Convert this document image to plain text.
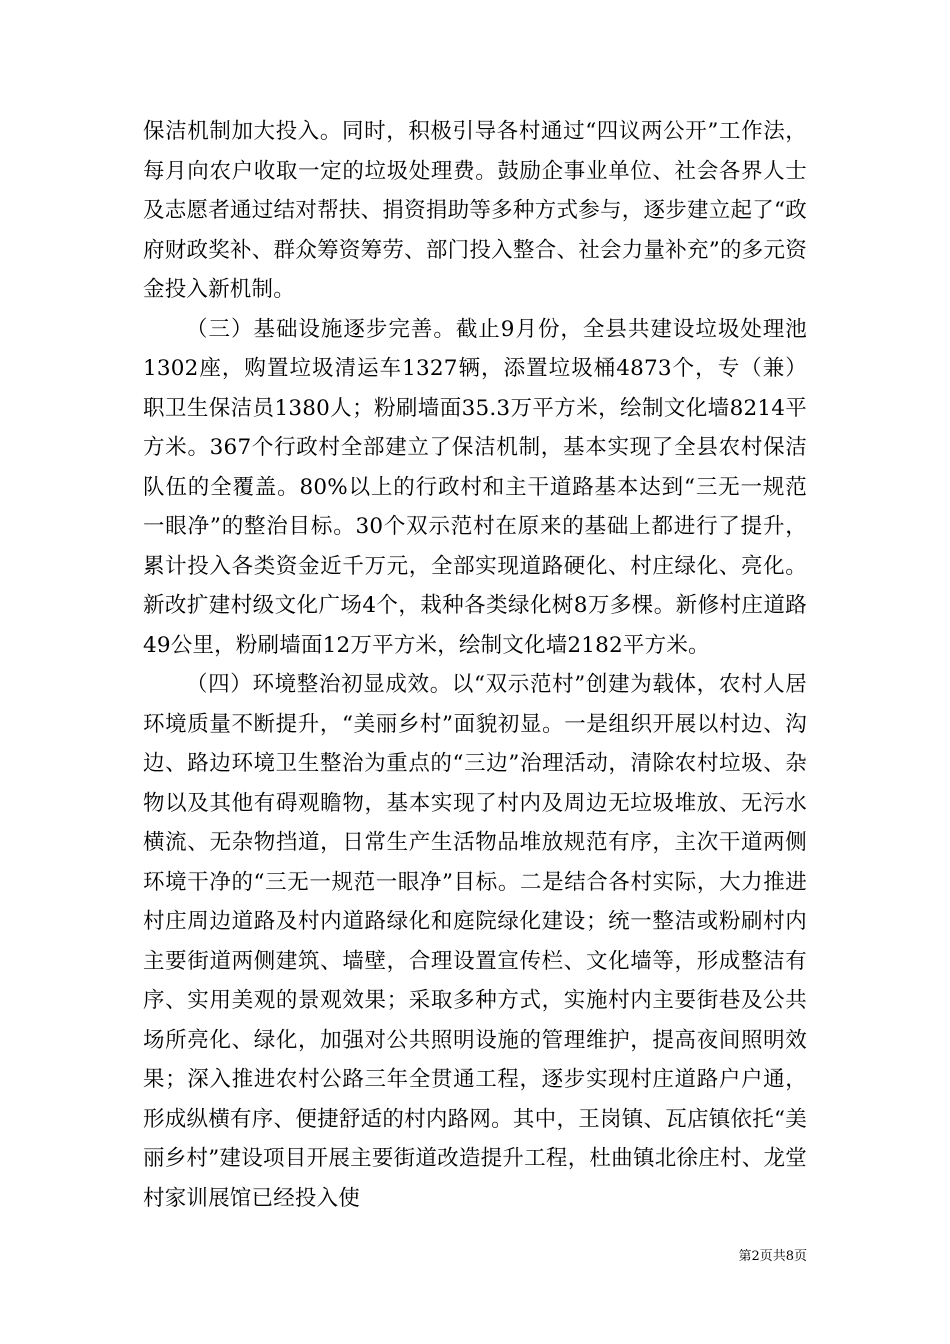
保洁机制加大投入。同时，积极引导各村通过“四议两公开”工作法，每月向农户收取一定的垃圾处理费。鼓励企事业单位、社会各界人士及志愿者通过结对帮扶、捐资捐助等多种方式参与，逐步建立起了“政府财政奖补、群众筹资筹劳、部门投入整合、社会力量补充”的多元资金投入新机制。

（三）基础设施逐步完善。截止9月份，全县共建设垃圾处理池1302座，购置垃圾清运车1327辆，添置垃圾桶4873个，专（兼）职卫生保洁员1380人；粉刷墙面35.3万平方米，绘制文化墙8214平方米。367个行政村全部建立了保洁机制，基本实现了全县农村保洁队伍的全覆盖。80%以上的行政村和主干道路基本达到“三无一规范一眼净”的整治目标。30个双示范村在原来的基础上都进行了提升，累计投入各类资金近千万元，全部实现道路硬化、村庄绿化、亮化。新改扩建村级文化广场4个，栽种各类绿化树8万多棵。新修村庄道路49公里，粉刷墙面12万平方米，绘制文化墙2182平方米。

（四）环境整治初显成效。以“双示范村”创建为载体，农村人居环境质量不断提升，“美丽乡村”面貌初显。一是组织开展以村边、沟边、路边环境卫生整治为重点的“三边”治理活动，清除农村垃圾、杂物以及其他有碍观瞻物，基本实现了村内及周边无垃圾堆放、无污水横流、无杂物挡道，日常生产生活物品堆放规范有序，主次干道两侧环境干净的“三无一规范一眼净”目标。二是结合各村实际，大力推进村庄周边道路及村内道路绿化和庭院绿化建设；统一整洁或粉刷村内主要街道两侧建筑、墙壁，合理设置宣传栏、文化墙等，形成整洁有序、实用美观的景观效果；采取多种方式，实施村内主要街巷及公共场所亮化、绿化，加强对公共照明设施的管理维护，提高夜间照明效果；深入推进农村公路三年全贯通工程，逐步实现村庄道路户户通，形成纵横有序、便捷舒适的村内路网。其中，王岗镇、瓦店镇依托“美丽乡村”建设项目开展主要街道改造提升工程，杜曲镇北徐庄村、龙堂村家训展馆已经投入使

第2页共8页
